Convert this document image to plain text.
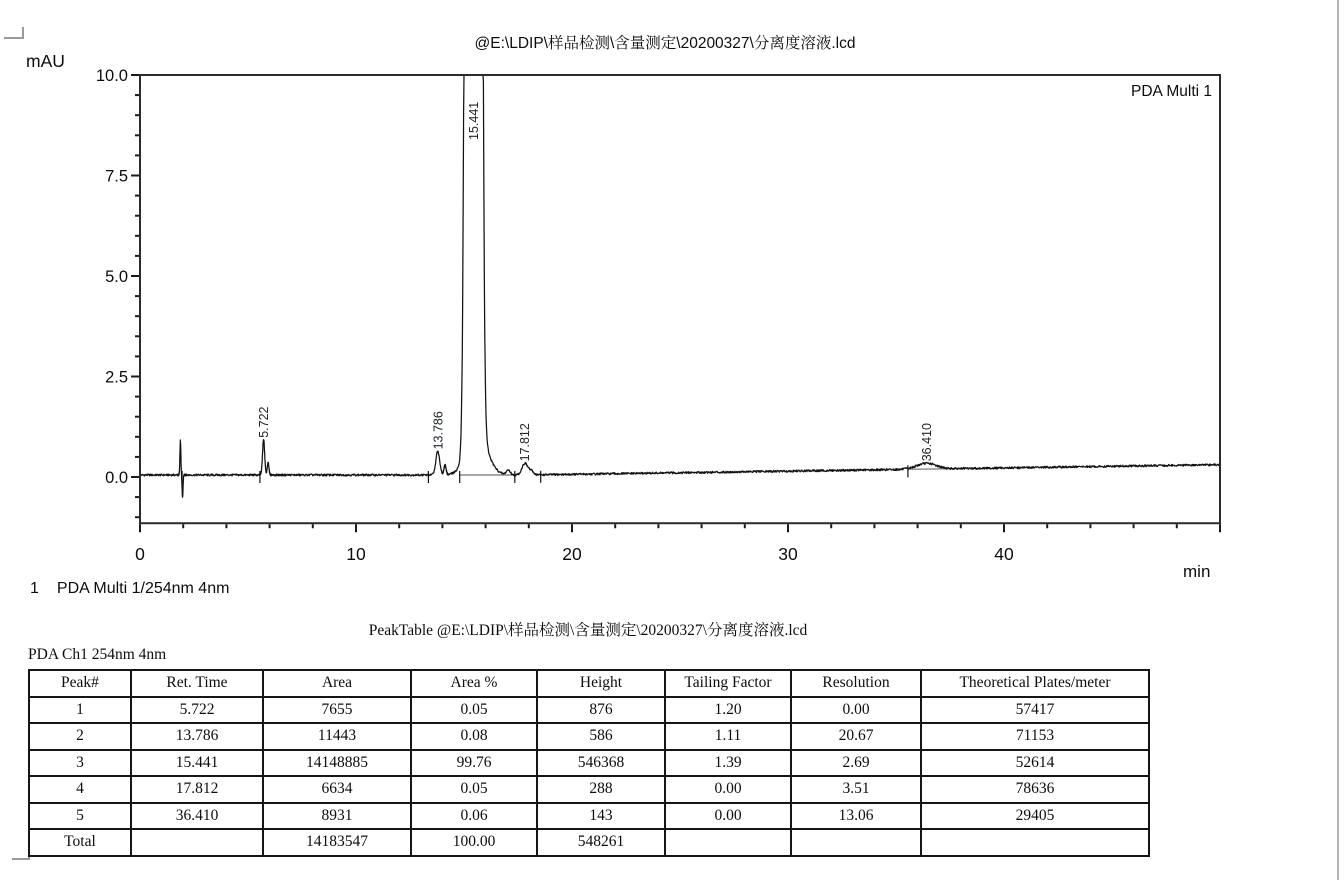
@E:\LDIP\样品检测\含量测定\20200327\分离度溶液.lcd
mAU
0.0
2.5
5.0
7.5
10.0
0	10	20	30	40
5.722	13.786
15.441
17.812	36.410
PDA Multi 1
min
1 PDA Multi 1/254nm 4nm
PeakTable @E:\LDIP\样品检测\含量测定\20200327\分离度溶液.lcd
PDA Ch1 254nm 4nm
Peak#	Ret. Time	Area	Area %	Height	Tailing Factor	Resolution	Theoretical Plates/meter
1	5.722	7655	0.05	876	1.20	0.00	57417
2	13.786	11443	0.08	586	1.11	20.67	71153
3	15.441	14148885	99.76	546368	1.39	2.69	52614
4	17.812	6634	0.05	288	0.00	3.51	78636
5	36.410	8931	0.06	143	0.00	13.06	29405
Total		14183547	100.00	548261			
